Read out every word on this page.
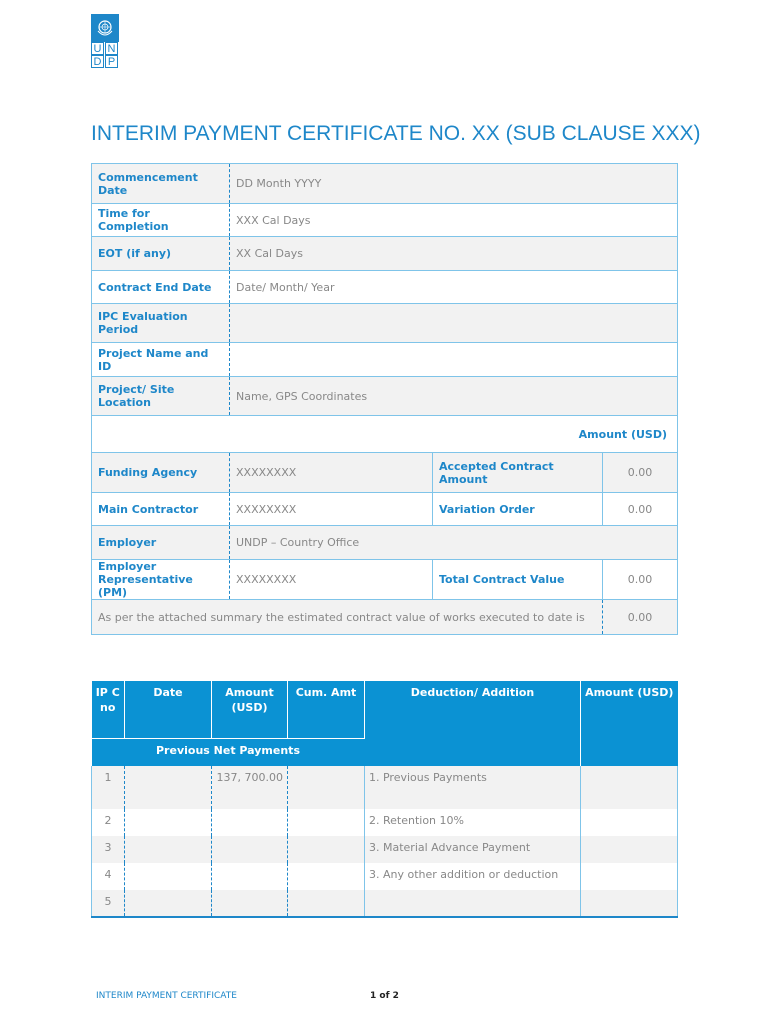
U N
D P
INTERIM PAYMENT CERTIFICATE NO. XX (SUB CLAUSE XXX)
Commencement Date	DD Month YYYY		
Time for Completion	XXX Cal Days		
EOT (if any)	XX Cal Days		
Contract End Date	Date/ Month/ Year		
IPC Evaluation Period			
Project Name and ID			
Project/ Site Location	Name, GPS Coordinates		
Amount (USD)			
Funding Agency	XXXXXXXX	Accepted Contract Amount	0.00
Main Contractor	XXXXXXXX	Variation Order	0.00
Employer	UNDP – Country Office		
Employer Representative (PM)	XXXXXXXX	Total Contract Value	0.00
As per the attached summary the estimated contract value of works executed to date is			0.00
IP C no	Date	Amount (USD)	Cum. Amt	Deduction/ Addition	Amount (USD)
Previous Net Payments					
1		137, 700.00		1. Previous Payments	
2				2. Retention 10%	
3				3. Material Advance Payment	
4				3. Any other addition or deduction	
5					
INTERIM PAYMENT CERTIFICATE	1 of 2
